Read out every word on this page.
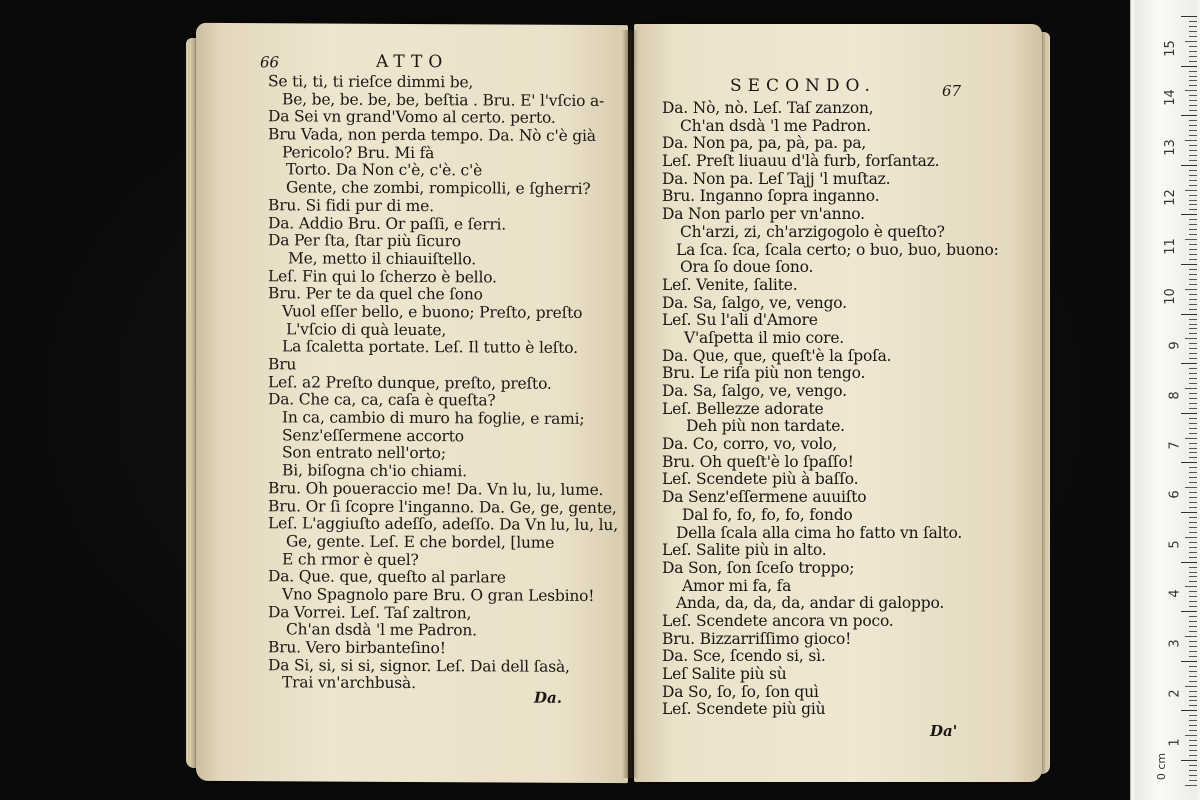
66	ATTO
Se ti, ti, ti rieſce dimmi be,
Be, be, be. be, be, beſtia . Bru. E' l'vſcio a-
Da Sei vn grand'Vomo al certo. perto.
Bru Vada, non perda tempo. Da. Nò c'è già
Pericolo? Bru. Mi fà
Torto. Da Non c'è, c'è. c'è
Gente, che zombi, rompicolli, e ſgherri?
Bru. Si fidi pur di me.
Da. Addio Bru. Or paſſi, e ſerri.
Da Per ſta, ſtar più ſicuro
Me, metto il chiauiſtello.
Leſ. Fin qui lo ſcherzo è bello.
Bru. Per te da quel che ſono
Vuol eſſer bello, e buono; Preſto, preſto
L'vſcio di quà leuate,
La ſcaletta portate. Leſ. Il tutto è leſto.
Bru
Leſ. a2 Preſto dunque, preſto, preſto.
Da. Che ca, ca, caſa è queſta?
In ca, cambio di muro ha foglie, e rami;
Senz'eſſermene accorto
Son entrato nell'orto;
Bi, biſogna ch'io chiami.
Bru. Oh poueraccio me! Da. Vn lu, lu, lume.
Bru. Or ſi ſcopre l'inganno. Da. Ge, ge, gente,
Leſ. L'aggiuſto adeſſo, adeſſo. Da Vn lu, lu, lu,
Ge, gente. Leſ. E che bordel, [lume
E ch rmor è quel?
Da. Que. que, queſto al parlare
Vno Spagnolo pare Bru. O gran Lesbino!
Da Vorrei. Leſ. Taſ zaltron,
Ch'an dsdà 'l me Padron.
Bru. Vero birbanteſino!
Da Si, si, si si, signor. Leſ. Dai dell ſasà,
Trai vn'archbusà.
Da.
SECONDO.	67
Da. Nò, nò. Leſ. Taſ zanzon,
Ch'an dsdà 'l me Padron.
Da. Non pa, pa, pà, pa. pa,
Leſ. Preſt liuauu d'là furb, forſantaz.
Da. Non pa. Leſ Tajj 'l muſtaz.
Bru. Inganno ſopra inganno.
Da Non parlo per vn'anno.
Ch'arzi, zi, ch'arzigogolo è queſto?
La ſca. ſca, ſcala certo; o buo, buo, buono:
Ora ſo doue ſono.
Leſ. Venite, ſalite.
Da. Sa, ſalgo, ve, vengo.
Leſ. Su l'ali d'Amore
V'aſpetta il mio core.
Da. Que, que, queſt'è la ſpoſa.
Bru. Le riſa più non tengo.
Da. Sa, ſalgo, ve, vengo.
Leſ. Bellezze adorate
Deh più non tardate.
Da. Co, corro, vo, volo,
Bru. Oh queſt'è lo ſpaſſo!
Leſ. Scendete più à baſſo.
Da Senz'eſſermene auuiſto
Dal fo, fo, fo, fo, fondo
Della ſcala alla cima ho fatto vn ſalto.
Leſ. Salite più in alto.
Da Son, ſon ſceſo troppo;
Amor mi fa, fa
Anda, da, da, da, andar di galoppo.
Leſ. Scendete ancora vn poco.
Bru. Bizzarriſſimo gioco!
Da. Sce, ſcendo si, sì.
Leſ Salite più sù
Da So, ſo, ſo, ſon quì
Leſ. Scendete più giù
Da'
15
14
13
12
11
10
9
8
7
6
5
4
3
2
1
0 cm
